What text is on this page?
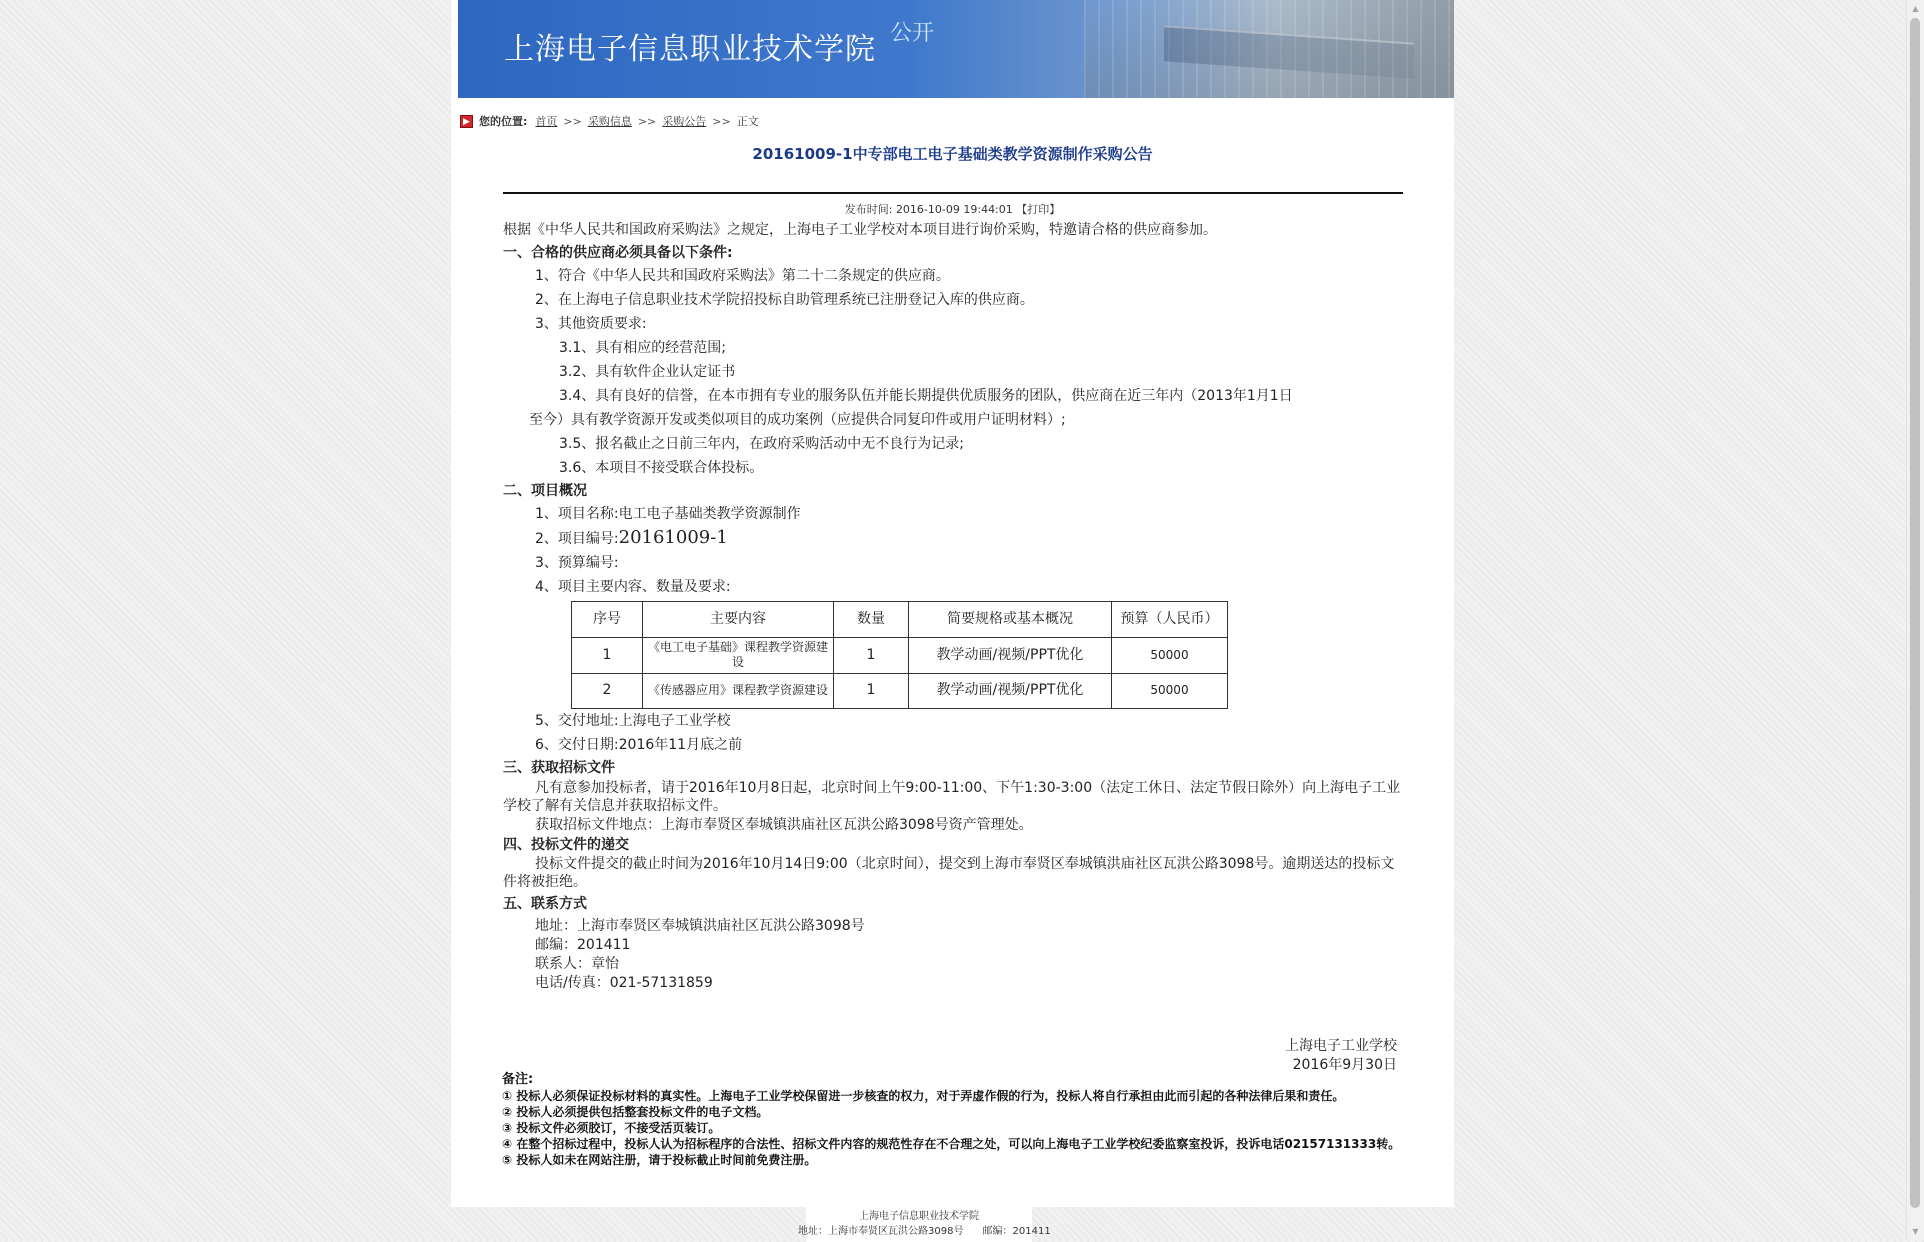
上海电子信息职业技术学院 公开
▶ 您的位置: 首页 >> 采购信息 >> 采购公告 >> 正文
20161009-1中专部电工电子基础类教学资源制作采购公告
发布时间: 2016-10-09 19:44:01 【打印】
根据《中华人民共和国政府采购法》之规定，上海电子工业学校对本项目进行询价采购，特邀请合格的供应商参加。
一、合格的供应商必须具备以下条件:
1、符合《中华人民共和国政府采购法》第二十二条规定的供应商。
2、在上海电子信息职业技术学院招投标自助管理系统已注册登记入库的供应商。
3、其他资质要求:
3.1、具有相应的经营范围;
3.2、具有软件企业认定证书
3.4、具有良好的信誉，在本市拥有专业的服务队伍并能长期提供优质服务的团队，供应商在近三年内（2013年1月1日
至今）具有教学资源开发或类似项目的成功案例（应提供合同复印件或用户证明材料）;
3.5、报名截止之日前三年内，在政府采购活动中无不良行为记录;
3.6、本项目不接受联合体投标。
二、项目概况
1、项目名称:电工电子基础类教学资源制作
2、项目编号:20161009-1
3、预算编号:
4、项目主要内容、数量及要求:
5、交付地址:上海电子工业学校
6、交付日期:2016年11月底之前
三、获取招标文件
凡有意参加投标者，请于2016年10月8日起，北京时间上午9:00-11:00、下午1:30-3:00（法定工休日、法定节假日除外）向上海电子工业学校了解有关信息并获取招标文件。
获取招标文件地点：上海市奉贤区奉城镇洪庙社区瓦洪公路3098号资产管理处。
四、投标文件的递交
投标文件提交的截止时间为2016年10月14日9:00（北京时间），提交到上海市奉贤区奉城镇洪庙社区瓦洪公路3098号。逾期送达的投标文件将被拒绝。
五、联系方式
地址：上海市奉贤区奉城镇洪庙社区瓦洪公路3098号
邮编：201411
联系人：章怡
电话/传真：021-57131859
序号	主要内容	数量	简要规格或基本概况	预算（人民币）
1	《电工电子基础》课程教学资源建设	1	教学动画/视频/PPT优化	50000
2	《传感器应用》课程教学资源建设	1	教学动画/视频/PPT优化	50000
上海电子工业学校
2016年9月30日
备注:
① 投标人必须保证投标材料的真实性。上海电子工业学校保留进一步核查的权力，对于弄虚作假的行为，投标人将自行承担由此而引起的各种法律后果和责任。
② 投标人必须提供包括整套投标文件的电子文档。
③ 投标文件必须胶订，不接受活页装订。
④ 在整个招标过程中，投标人认为招标程序的合法性、招标文件内容的规范性存在不合理之处，可以向上海电子工业学校纪委监察室投诉，投诉电话02157131333转。
⑤ 投标人如未在网站注册，请于投标截止时间前免费注册。
上海电子信息职业技术学院
地址：上海市奉贤区瓦洪公路3098号 邮编：201411
▲
▼
